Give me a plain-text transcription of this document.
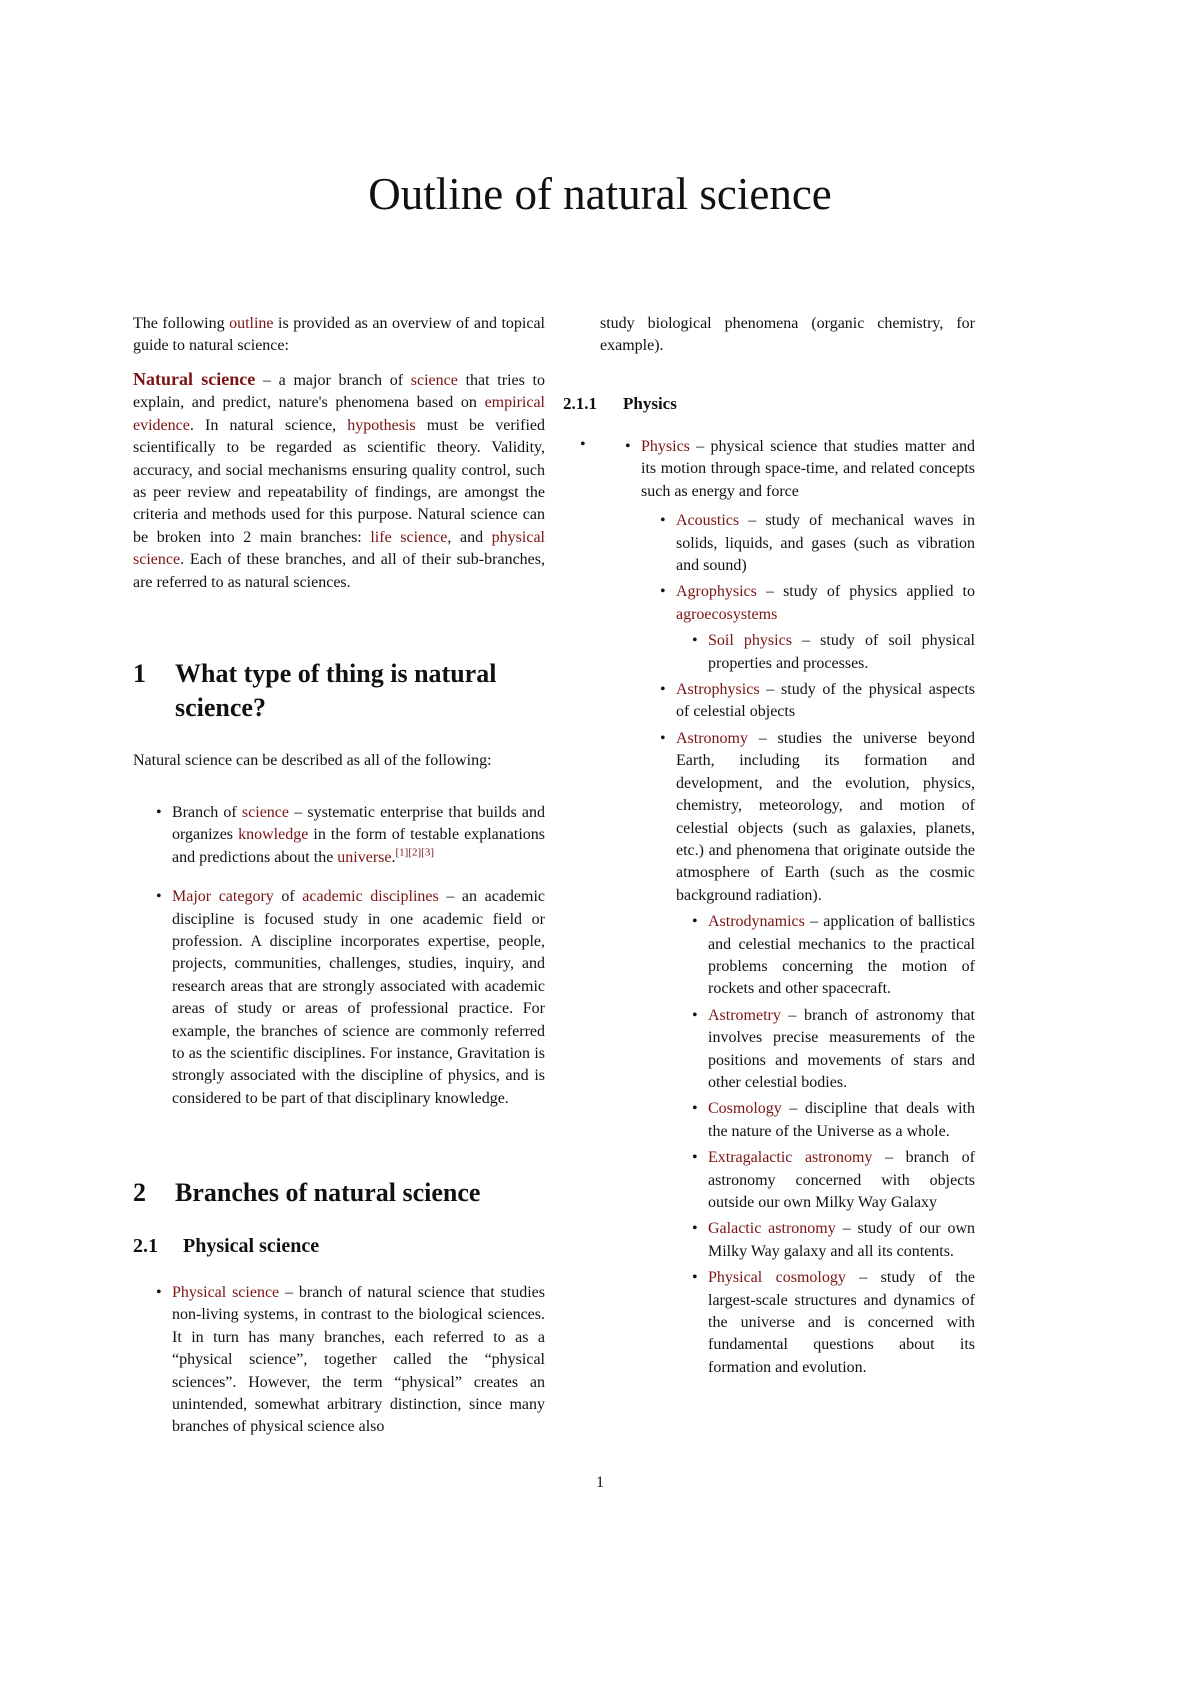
Outline of natural science

The following outline is provided as an overview of and topical guide to natural science:

Natural science – a major branch of science that tries to explain, and predict, nature's phenomena based on empirical evidence. In natural science, hypothesis must be verified scientifically to be regarded as scientific theory. Validity, accuracy, and social mechanisms ensuring quality control, such as peer review and repeatability of findings, are amongst the criteria and methods used for this purpose. Natural science can be broken into 2 main branches: life science, and physical science. Each of these branches, and all of their sub-branches, are referred to as natural sciences.

1	What type of thing is natural science?

Natural science can be described as all of the following:

• Branch of science – systematic enterprise that builds and organizes knowledge in the form of testable explanations and predictions about the universe.[1][2][3]
• Major category of academic disciplines – an academic discipline is focused study in one academic field or profession. A discipline incorporates expertise, people, projects, communities, challenges, studies, inquiry, and research areas that are strongly associated with academic areas of study or areas of professional practice. For example, the branches of science are commonly referred to as the scientific disciplines. For instance, Gravitation is strongly associated with the discipline of physics, and is considered to be part of that disciplinary knowledge.
2	Branches of natural science
2.1	Physical science
• Physical science – branch of natural science that studies non-living systems, in contrast to the biological sciences. It in turn has many branches, each referred to as a “physical science”, together called the “physical sciences”. However, the term “physical” creates an unintended, somewhat arbitrary distinction, since many branches of physical science also

study biological phenomena (organic chemistry, for example).

2.1.1	Physics
•	• Physics – physical science that studies matter and its motion through space-time, and related concepts such as energy and force
• Acoustics – study of mechanical waves in solids, liquids, and gases (such as vibration and sound)
• Agrophysics – study of physics applied to agroecosystems
• Soil physics – study of soil physical properties and processes.
• Astrophysics – study of the physical aspects of celestial objects
• Astronomy – studies the universe beyond Earth, including its formation and development, and the evolution, physics, chemistry, meteorology, and motion of celestial objects (such as galaxies, planets, etc.) and phenomena that originate outside the atmosphere of Earth (such as the cosmic background radiation).
• Astrodynamics – application of ballistics and celestial mechanics to the practical problems concerning the motion of rockets and other spacecraft.
• Astrometry – branch of astronomy that involves precise measurements of the positions and movements of stars and other celestial bodies.
• Cosmology – discipline that deals with the nature of the Universe as a whole.
• Extragalactic astronomy – branch of astronomy concerned with objects outside our own Milky Way Galaxy
• Galactic astronomy – study of our own Milky Way galaxy and all its contents.
• Physical cosmology – study of the largest-scale structures and dynamics of the universe and is concerned with fundamental questions about its formation and evolution.
1
